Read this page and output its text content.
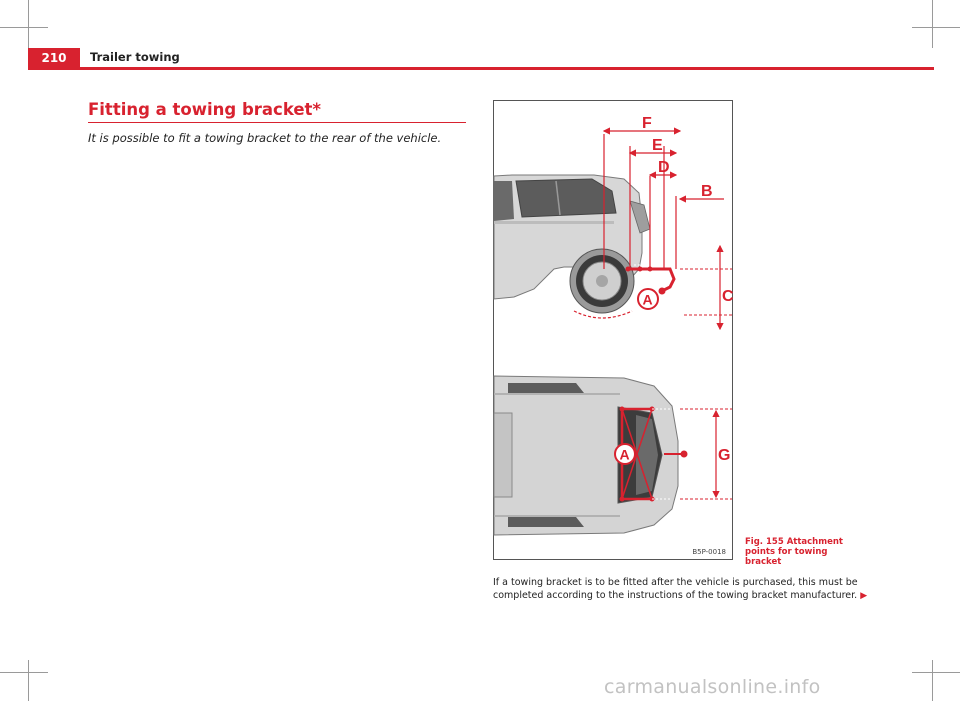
210	Trailer towing
Fitting a towing bracket*
It is possible to fit a towing bracket to the rear of the vehicle.
F
E
D
B
C
A
G
A
B5P-0018
Fig. 155 Attachment
points for towing bracket
If a towing bracket is to be fitted after the vehicle is purchased, this must be completed according to the instructions of the towing bracket manufacturer. ▶
carmanualsonline.info
